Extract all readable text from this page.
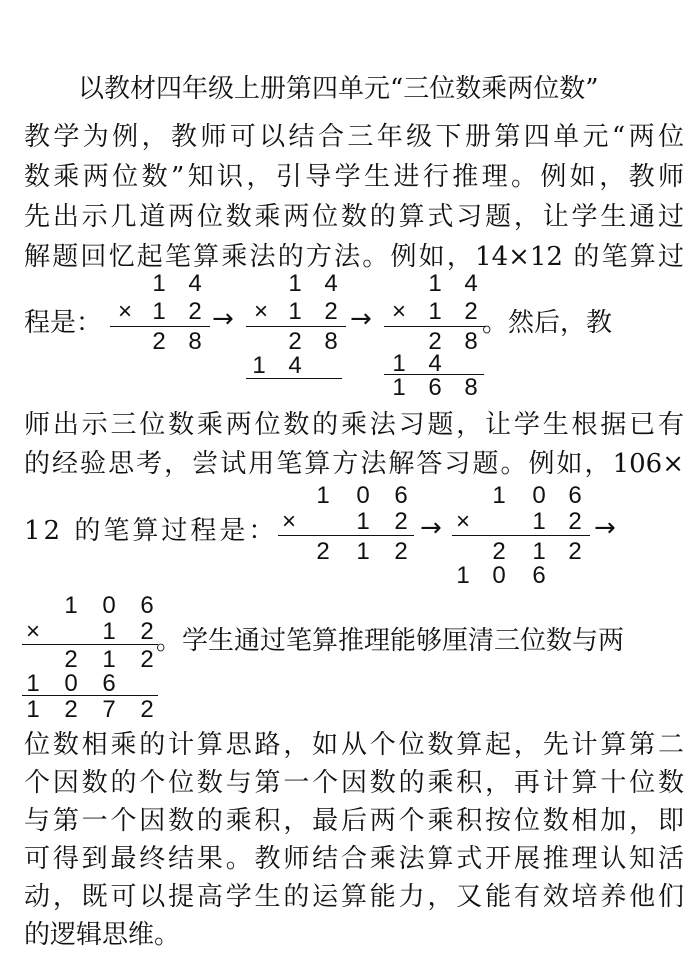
以教材四年级上册第四单元“三位数乘两位数”
教学为例，教师可以结合三年级下册第四单元“两位
数乘两位数”知识，引导学生进行推理。例如，教师
先出示几道两位数乘两位数的算式习题，让学生通过
解题回忆起笔算乘法的方法。例如，14×12 的笔算过
程是：
1 4
× 1 2
2 8
→
1 4
× 1 2
2 8
1 4
→
1 4
× 1 2
2 8
1 4
1 6 8
。然后，教
师出示三位数乘两位数的乘法习题，让学生根据已有
的经验思考，尝试用笔算方法解答习题。例如，106×
12 的笔算过程是：
1 0 6
×	1 2
2 1 2
→
1 0 6
×	1 2
2 1 2
1 0 6
→
1 0 6
×	1 2
2 1 2
1 0 6
1 2 7 2
。学生通过笔算推理能够厘清三位数与两
位数相乘的计算思路，如从个位数算起，先计算第二
个因数的个位数与第一个因数的乘积，再计算十位数
与第一个因数的乘积，最后两个乘积按位数相加，即
可得到最终结果。教师结合乘法算式开展推理认知活
动，既可以提高学生的运算能力，又能有效培养他们
的逻辑思维。
